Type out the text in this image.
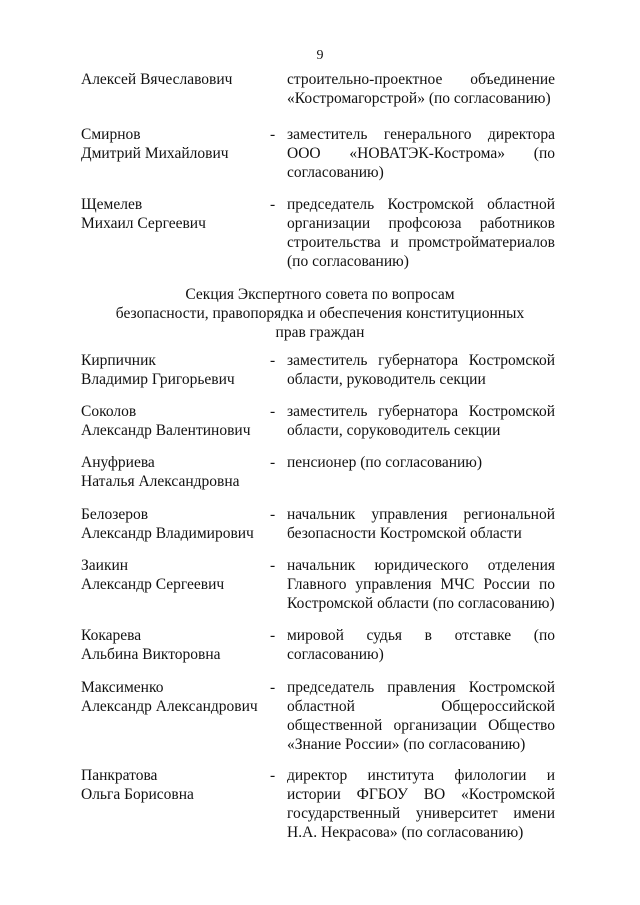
9
Алексей Вячеславович	строительно-проектное объединение «Костромагорстрой» (по согласованию)
Смирнов
Дмитрий Михайлович
- заместитель генерального директора ООО «НОВАТЭК-Кострома» (по согласованию)
Щемелев
Михаил Сергеевич
- председатель Костромской областной организации профсоюза работников строительства и промстройматериалов (по согласованию)
Секция Экспертного совета по вопросам
безопасности, правопорядка и обеспечения конституционных
прав граждан
Кирпичник
Владимир Григорьевич
- заместитель губернатора Костромской области, руководитель секции
Соколов
Александр Валентинович
- заместитель губернатора Костромской области, соруководитель секции
Ануфриева
Наталья Александровна
- пенсионер (по согласованию)
Белозеров
Александр Владимирович
- начальник управления региональной безопасности Костромской области
Заикин
Александр Сергеевич
- начальник юридического отделения Главного управления МЧС России по Костромской области (по согласованию)
Кокарева
Альбина Викторовна
- мировой судья в отставке (по согласованию)
Максименко
Александр Александрович
- председатель правления Костромской областной Общероссийской общественной организации Общество «Знание России» (по согласованию)
Панкратова
Ольга Борисовна
- директор института филологии и истории ФГБОУ ВО «Костромской государственный университет имени Н.А. Некрасова» (по согласованию)
